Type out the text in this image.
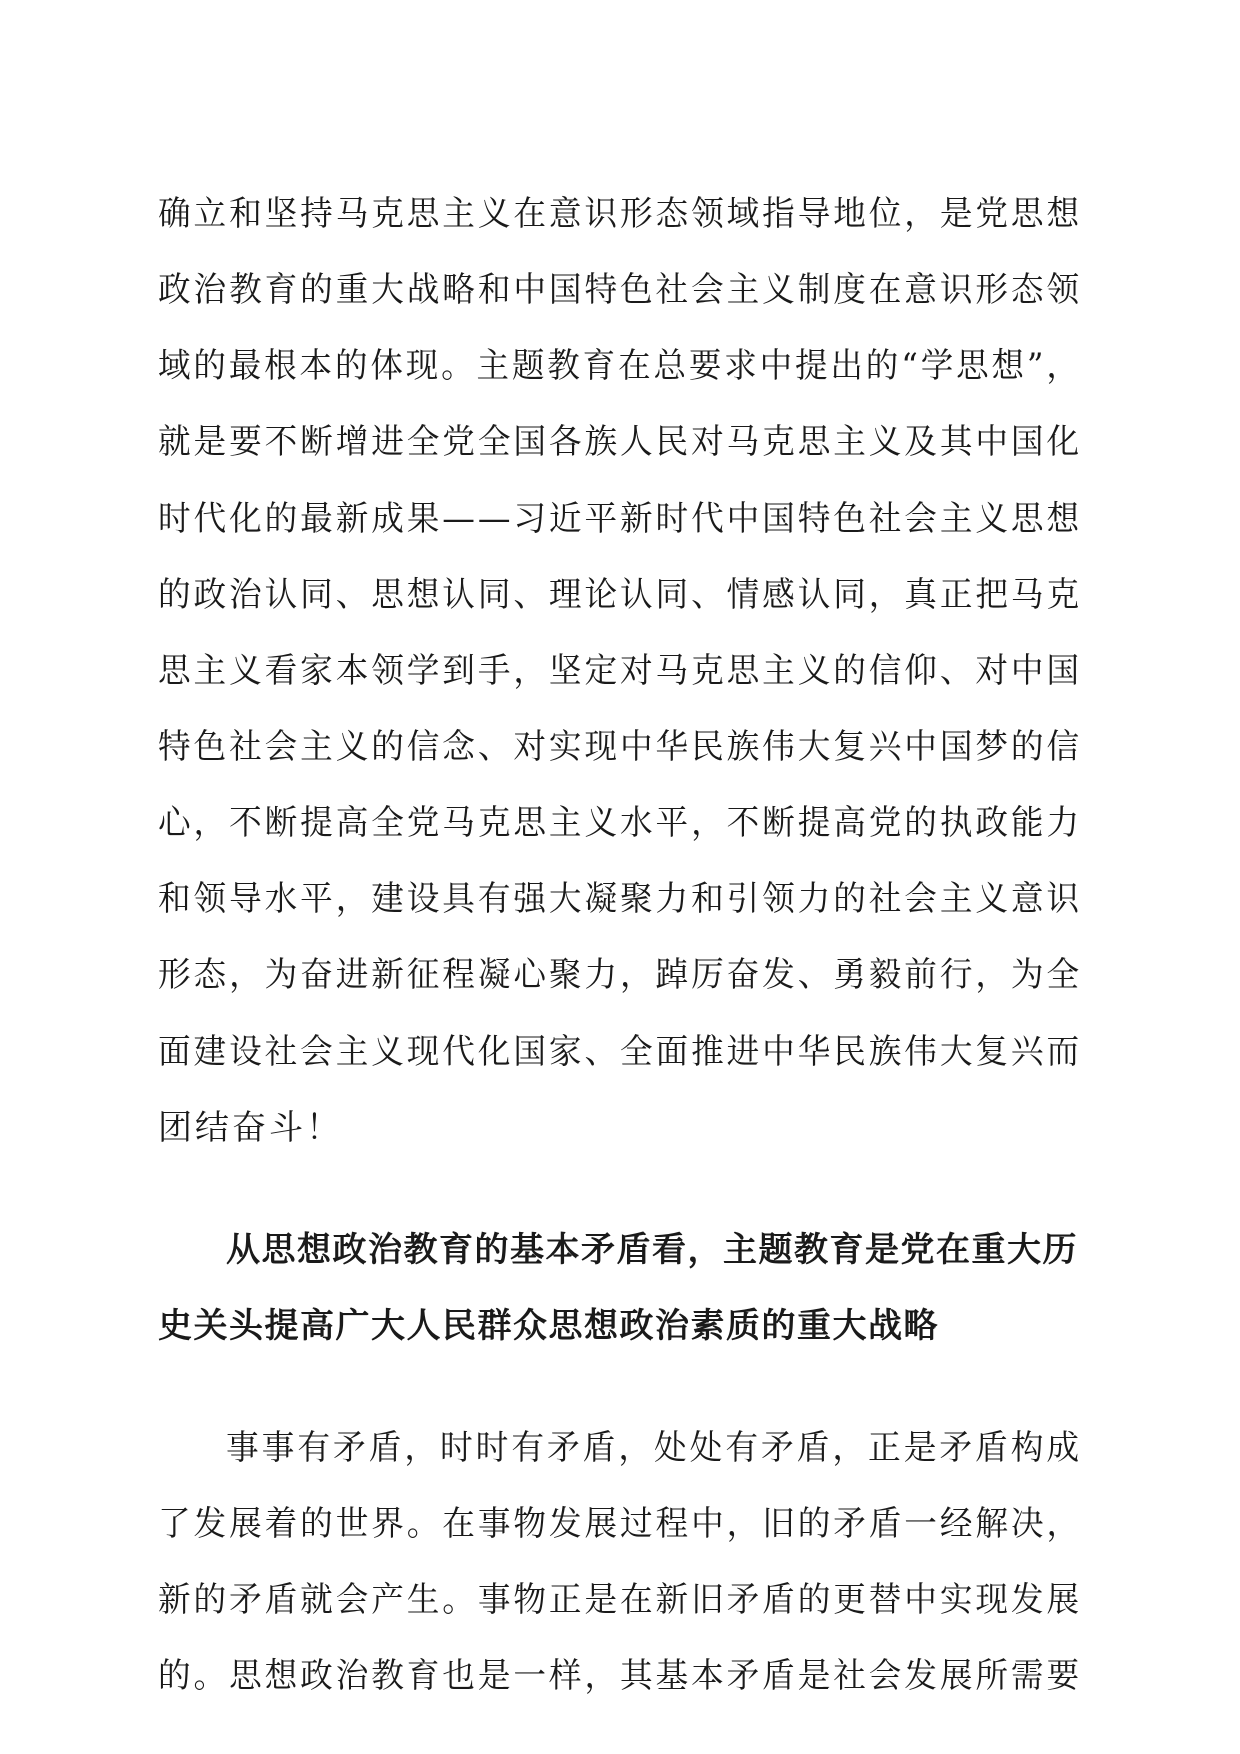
确立和坚持马克思主义在意识形态领域指导地位，是党思想
政治教育的重大战略和中国特色社会主义制度在意识形态领
域的最根本的体现。主题教育在总要求中提出的“学思想”，
就是要不断增进全党全国各族人民对马克思主义及其中国化
时代化的最新成果——习近平新时代中国特色社会主义思想
的政治认同、思想认同、理论认同、情感认同，真正把马克
思主义看家本领学到手，坚定对马克思主义的信仰、对中国
特色社会主义的信念、对实现中华民族伟大复兴中国梦的信
心，不断提高全党马克思主义水平，不断提高党的执政能力
和领导水平，建设具有强大凝聚力和引领力的社会主义意识
形态，为奋进新征程凝心聚力，踔厉奋发、勇毅前行，为全
面建设社会主义现代化国家、全面推进中华民族伟大复兴而
团结奋斗！
从思想政治教育的基本矛盾看，主题教育是党在重大历
史关头提高广大人民群众思想政治素质的重大战略
事事有矛盾，时时有矛盾，处处有矛盾，正是矛盾构成
了发展着的世界。在事物发展过程中，旧的矛盾一经解决，
新的矛盾就会产生。事物正是在新旧矛盾的更替中实现发展
的。思想政治教育也是一样，其基本矛盾是社会发展所需要
